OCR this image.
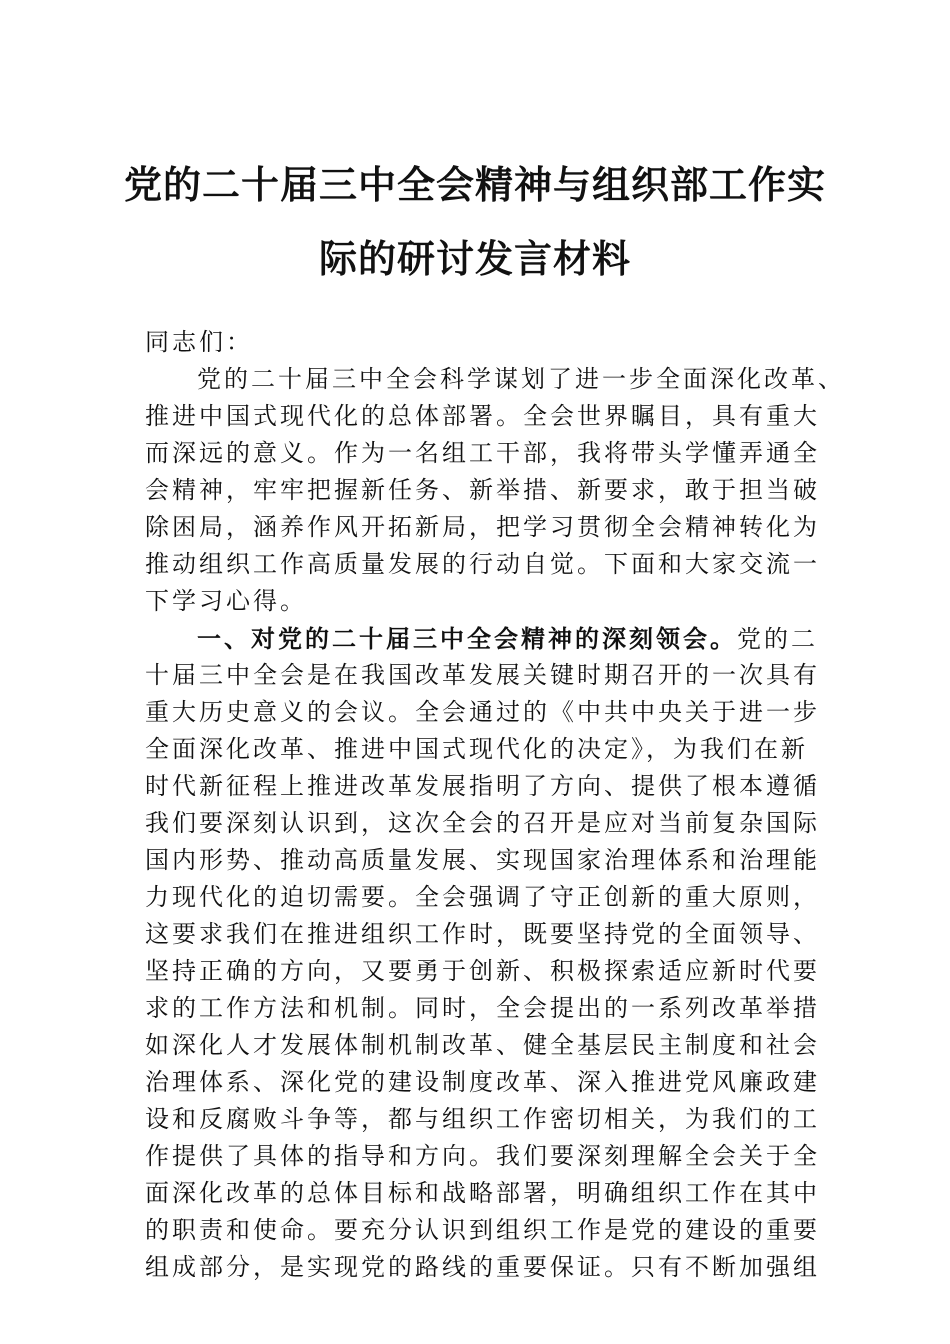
党的二十届三中全会精神与组织部工作实
际的研讨发言材料
同志们：
党的二十届三中全会科学谋划了进一步全面深化改革、
推进中国式现代化的总体部署。全会世界瞩目，具有重大
而深远的意义。作为一名组工干部，我将带头学懂弄通全
会精神，牢牢把握新任务、新举措、新要求，敢于担当破
除困局，涵养作风开拓新局，把学习贯彻全会精神转化为
推动组织工作高质量发展的行动自觉。下面和大家交流一
下学习心得。
一、对党的二十届三中全会精神的深刻领会。党的二
十届三中全会是在我国改革发展关键时期召开的一次具有
重大历史意义的会议。全会通过的《中共中央关于进一步
全面深化改革、推进中国式现代化的决定》，为我们在新
时代新征程上推进改革发展指明了方向、提供了根本遵循
我们要深刻认识到，这次全会的召开是应对当前复杂国际
国内形势、推动高质量发展、实现国家治理体系和治理能
力现代化的迫切需要。全会强调了守正创新的重大原则，
这要求我们在推进组织工作时，既要坚持党的全面领导、
坚持正确的方向，又要勇于创新、积极探索适应新时代要
求的工作方法和机制。同时，全会提出的一系列改革举措
如深化人才发展体制机制改革、健全基层民主制度和社会
治理体系、深化党的建设制度改革、深入推进党风廉政建
设和反腐败斗争等，都与组织工作密切相关，为我们的工
作提供了具体的指导和方向。我们要深刻理解全会关于全
面深化改革的总体目标和战略部署，明确组织工作在其中
的职责和使命。要充分认识到组织工作是党的建设的重要
组成部分，是实现党的路线的重要保证。只有不断加强组
